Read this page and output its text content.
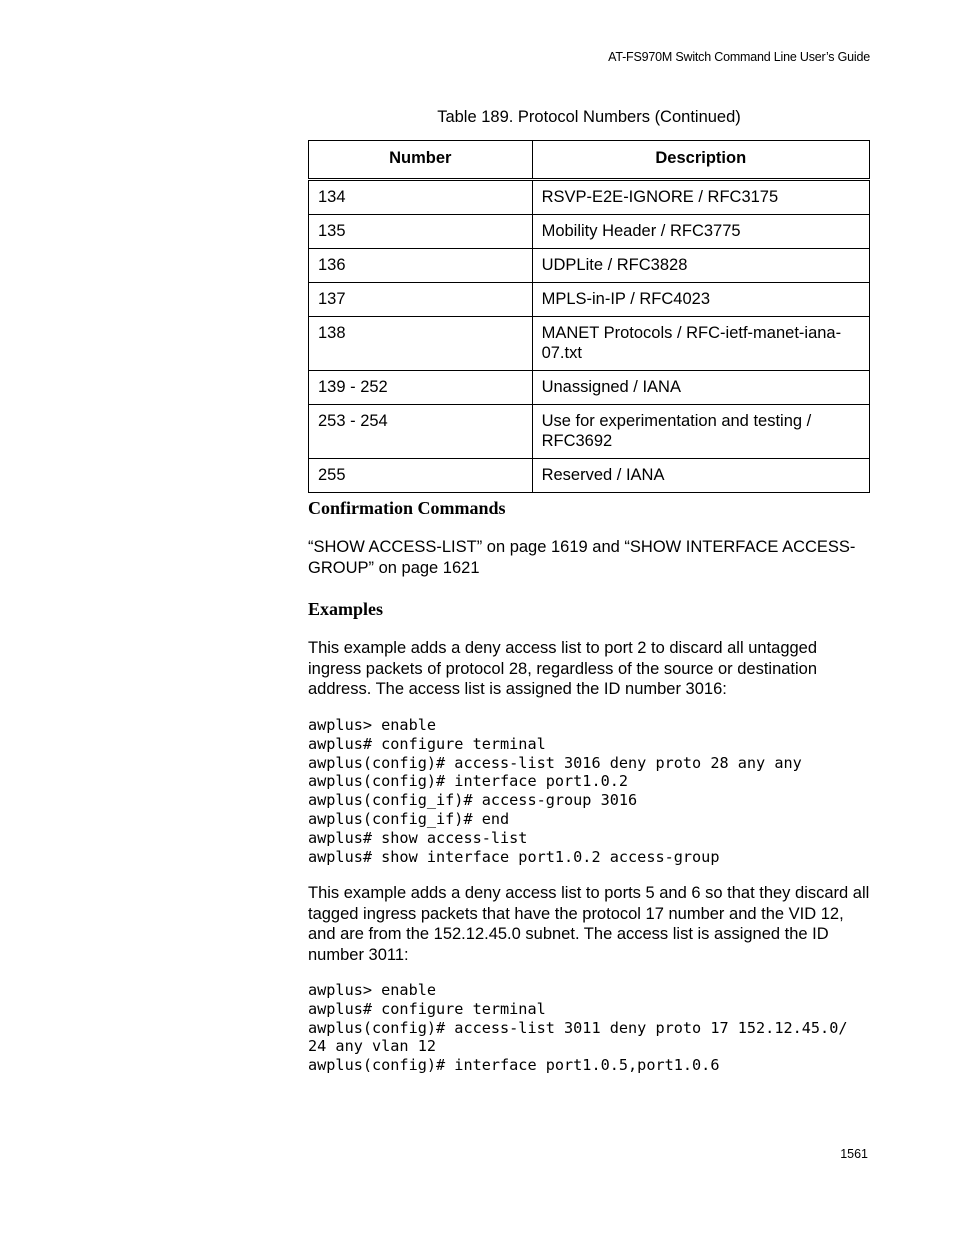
AT-FS970M Switch Command Line User’s Guide
Table 189. Protocol Numbers (Continued)
Number	Description
134	RSVP-E2E-IGNORE / RFC3175
135	Mobility Header / RFC3775
136	UDPLite / RFC3828
137	MPLS-in-IP / RFC4023
138	MANET Protocols / RFC-ietf-manet-iana-07.txt
139 - 252	Unassigned / IANA
253 - 254	Use for experimentation and testing / RFC3692
255	Reserved / IANA
Confirmation Commands
“SHOW ACCESS-LIST” on page 1619 and “SHOW INTERFACE ACCESS-GROUP” on page 1621
Examples
This example adds a deny access list to port 2 to discard all untagged ingress packets of protocol 28, regardless of the source or destination address. The access list is assigned the ID number 3016:
awplus> enable
awplus# configure terminal
awplus(config)# access-list 3016 deny proto 28 any any
awplus(config)# interface port1.0.2
awplus(config_if)# access-group 3016
awplus(config_if)# end
awplus# show access-list
awplus# show interface port1.0.2 access-group
This example adds a deny access list to ports 5 and 6 so that they discard all tagged ingress packets that have the protocol 17 number and the VID 12, and are from the 152.12.45.0 subnet. The access list is assigned the ID number 3011:
awplus> enable
awplus# configure terminal
awplus(config)# access-list 3011 deny proto 17 152.12.45.0/
24 any vlan 12
awplus(config)# interface port1.0.5,port1.0.6
1561
